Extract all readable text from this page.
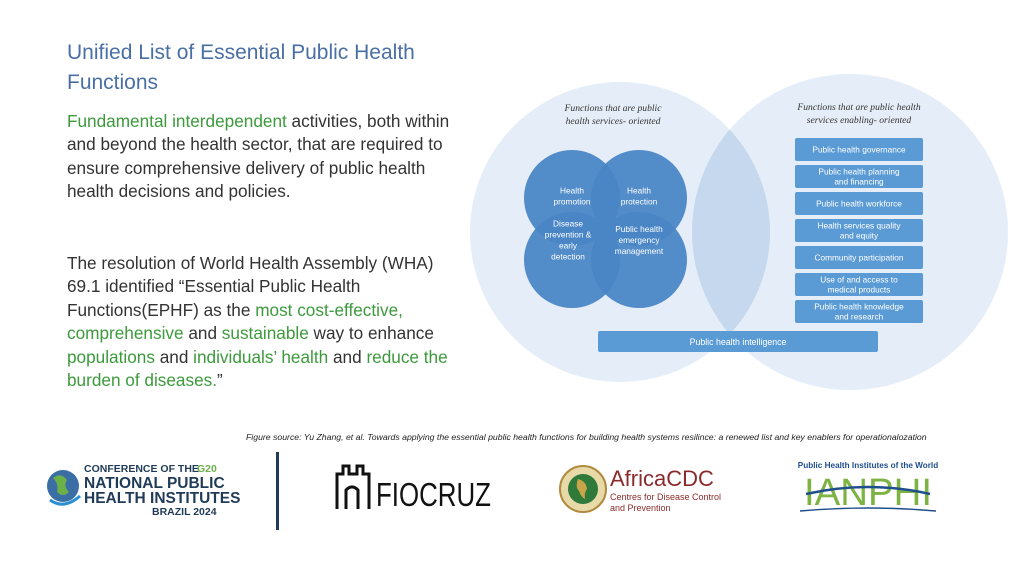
Unified List of Essential Public Health Functions
Fundamental interdependent activities, both within and beyond the health sector, that are required to ensure comprehensive delivery of public health health decisions and policies.
The resolution of World Health Assembly (WHA) 69.1 identified “Essential Public Health Functions(EPHF) as the most cost-effective, comprehensive and sustainable way to enhance populations and individuals’ health and reduce the burden of diseases.”
Health
promotion
Health
protection
Disease
prevention &
early
detection
Public health
emergency
management
Functions that are public
health services- oriented
Functions that are public health
services enabling- oriented
Public health governance
Public health planning
and financing
Public health workforce
Health services quality
and equity
Community participation
Use of and access to
medical products
Public health knowledge
and research
Public health intelligence
Figure source: Yu Zhang, et al. Towards applying the essential public health functions for building health systems resilince: a renewed list and key enablers for operationalozation
CONFERENCE OF THE
G20
NATIONAL PUBLIC
HEALTH INSTITUTES
BRAZIL 2024	FIOCRUZ	AfricaCDC
Centres for Disease Control
and Prevention
Public Health Institutes of the World
IANPHI
